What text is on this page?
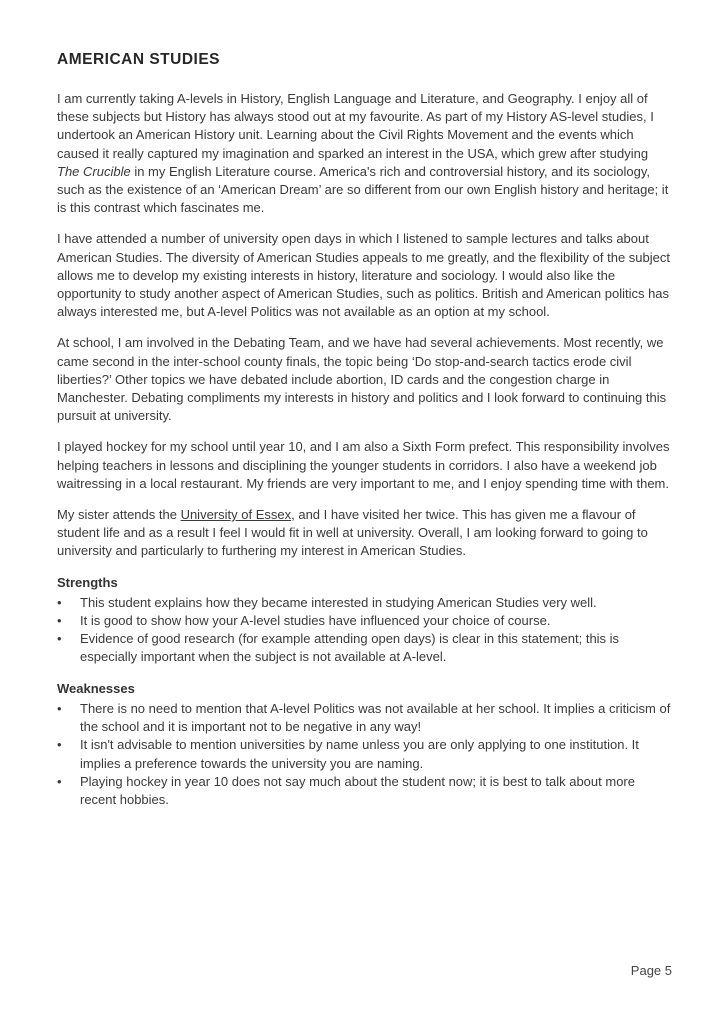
AMERICAN STUDIES

I am currently taking A-levels in History, English Language and Literature, and Geography. I enjoy all of these subjects but History has always stood out at my favourite. As part of my History AS-level studies, I undertook an American History unit. Learning about the Civil Rights Movement and the events which caused it really captured my imagination and sparked an interest in the USA, which grew after studying The Crucible in my English Literature course. America's rich and controversial history, and its sociology, such as the existence of an ‘American Dream’ are so different from our own English history and heritage; it is this contrast which fascinates me.

I have attended a number of university open days in which I listened to sample lectures and talks about American Studies. The diversity of American Studies appeals to me greatly, and the flexibility of the subject allows me to develop my existing interests in history, literature and sociology. I would also like the opportunity to study another aspect of American Studies, such as politics. British and American politics has always interested me, but A-level Politics was not available as an option at my school.

At school, I am involved in the Debating Team, and we have had several achievements. Most recently, we came second in the inter-school county finals, the topic being ‘Do stop-and-search tactics erode civil liberties?’ Other topics we have debated include abortion, ID cards and the congestion charge in Manchester. Debating compliments my interests in history and politics and I look forward to continuing this pursuit at university.

I played hockey for my school until year 10, and I am also a Sixth Form prefect. This responsibility involves helping teachers in lessons and disciplining the younger students in corridors. I also have a weekend job waitressing in a local restaurant. My friends are very important to me, and I enjoy spending time with them.

My sister attends the University of Essex, and I have visited her twice. This has given me a flavour of student life and as a result I feel I would fit in well at university. Overall, I am looking forward to going to university and particularly to furthering my interest in American Studies.

Strengths
•	This student explains how they became interested in studying American Studies very well.
•	It is good to show how your A-level studies have influenced your choice of course.
•	Evidence of good research (for example attending open days) is clear in this statement; this is especially important when the subject is not available at A-level.
Weaknesses
•	There is no need to mention that A-level Politics was not available at her school. It implies a criticism of the school and it is important not to be negative in any way!
•	It isn't advisable to mention universities by name unless you are only applying to one institution. It implies a preference towards the university you are naming.
•	Playing hockey in year 10 does not say much about the student now; it is best to talk about more recent hobbies.
Page 5
